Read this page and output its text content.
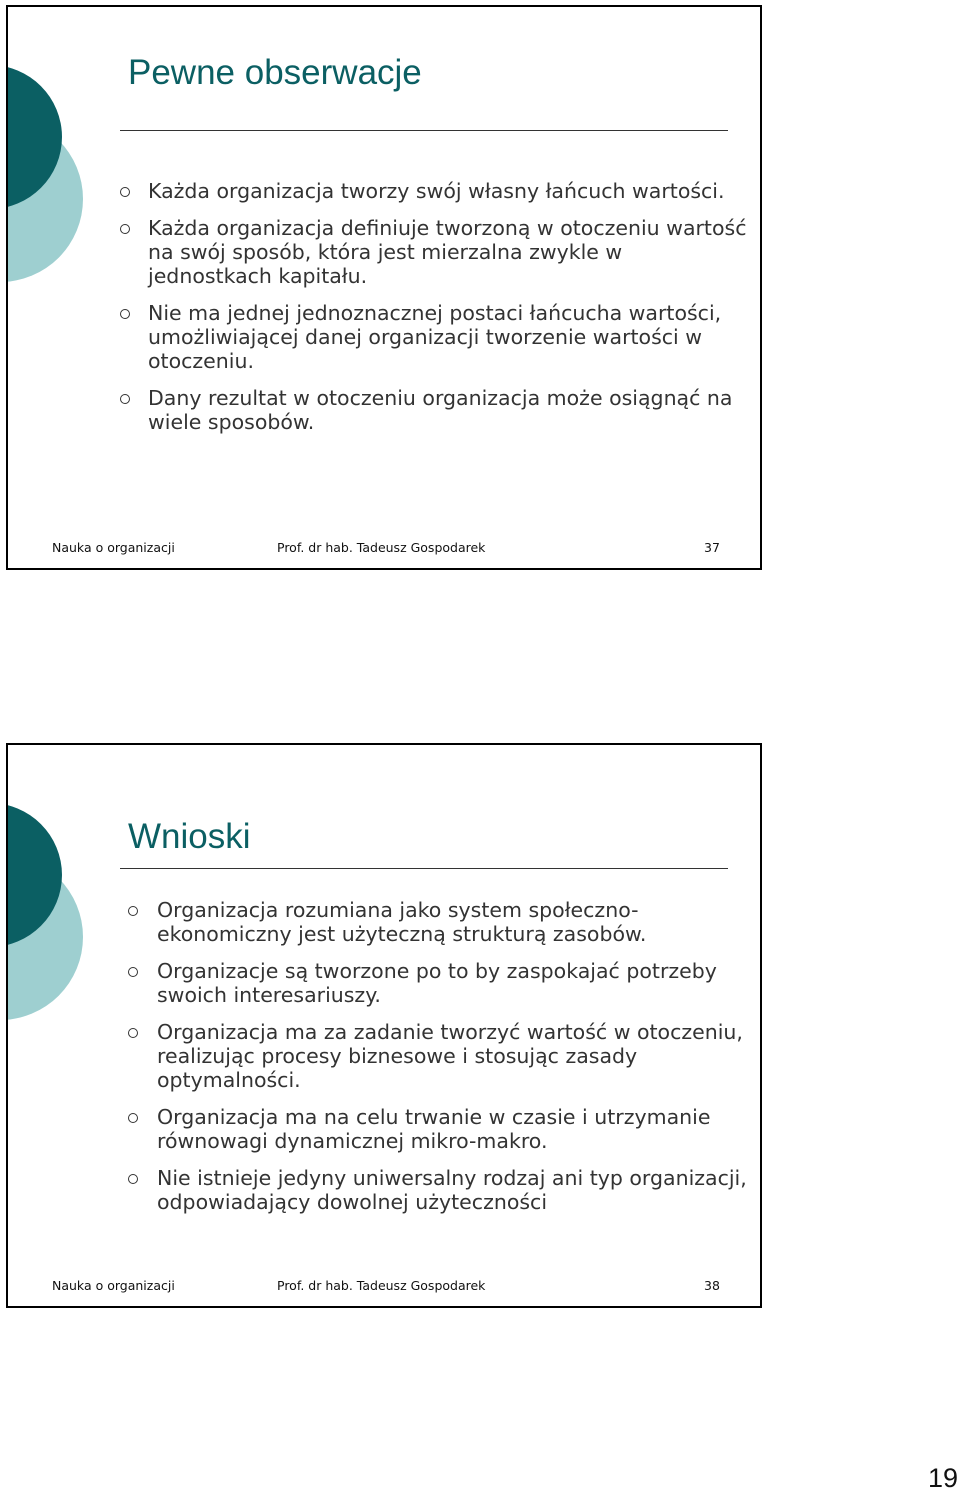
Pewne obserwacje
Każda organizacja tworzy swój własny łańcuch wartości.
Każda organizacja definiuje tworzoną w otoczeniu wartość na swój sposób, która jest mierzalna zwykle w jednostkach kapitału.
Nie ma jednej jednoznacznej postaci łańcucha wartości, umożliwiającej danej organizacji tworzenie wartości w otoczeniu.
Dany rezultat w otoczeniu organizacja może osiągnąć na wiele sposobów.
Nauka o organizacji	Prof. dr hab. Tadeusz Gospodarek	37
Wnioski
Organizacja rozumiana jako system społeczno-ekonomiczny jest użyteczną strukturą zasobów.
Organizacje są tworzone po to by zaspokajać potrzeby swoich interesariuszy.
Organizacja ma za zadanie tworzyć wartość w otoczeniu, realizując procesy biznesowe i stosując zasady optymalności.
Organizacja ma na celu trwanie w czasie i utrzymanie równowagi dynamicznej mikro-makro.
Nie istnieje jedyny uniwersalny rodzaj ani typ organizacji, odpowiadający dowolnej użyteczności
Nauka o organizacji	Prof. dr hab. Tadeusz Gospodarek	38
19
